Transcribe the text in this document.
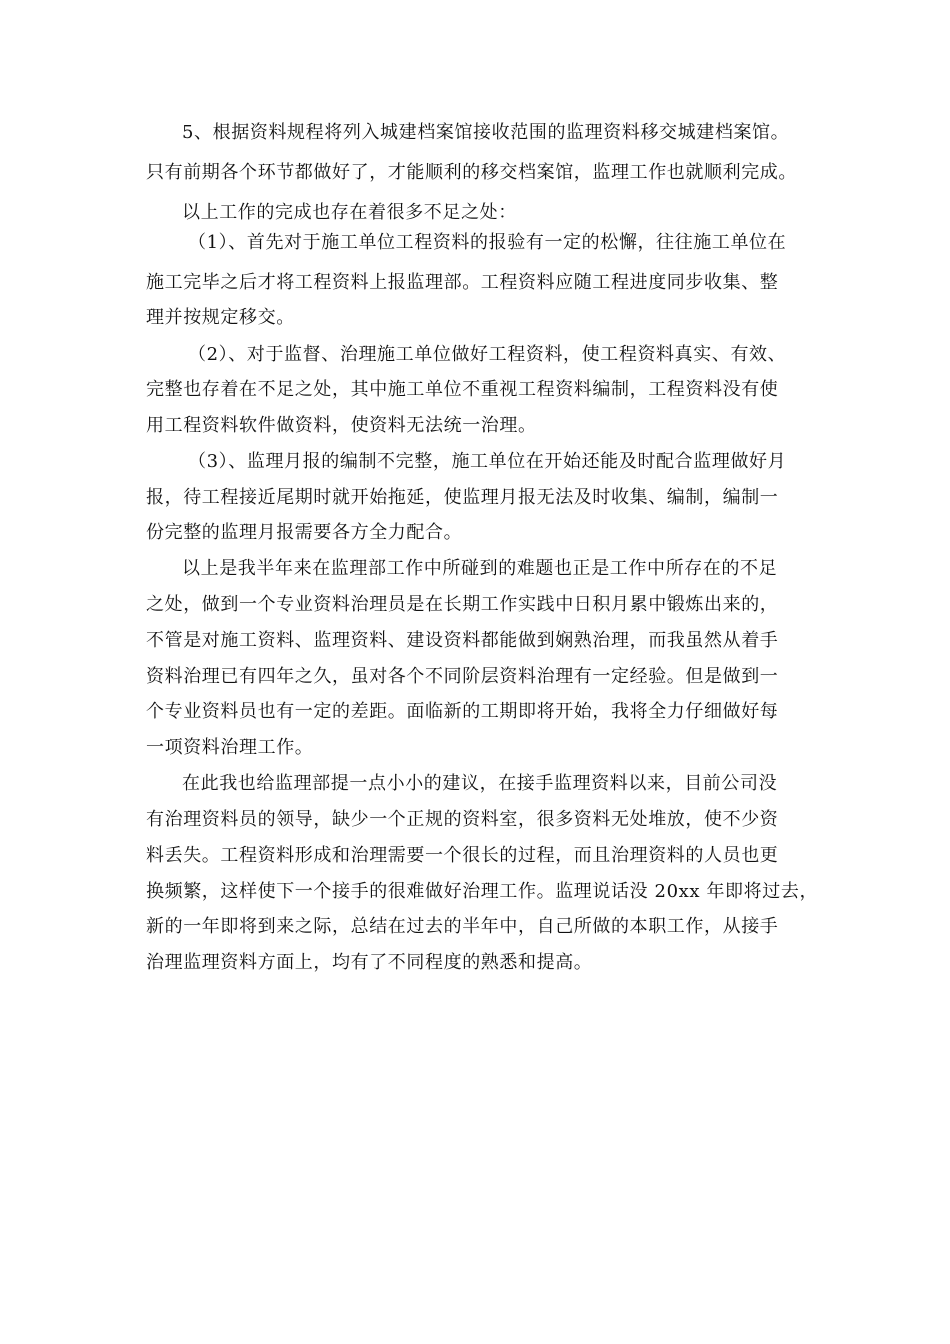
5、根据资料规程将列入城建档案馆接收范围的监理资料移交城建档案馆。
只有前期各个环节都做好了，才能顺利的移交档案馆，监理工作也就顺利完成。
以上工作的完成也存在着很多不足之处：
（1）、首先对于施工单位工程资料的报验有一定的松懈，往往施工单位在
施工完毕之后才将工程资料上报监理部。工程资料应随工程进度同步收集、整
理并按规定移交。
（2）、对于监督、治理施工单位做好工程资料，使工程资料真实、有效、
完整也存着在不足之处，其中施工单位不重视工程资料编制，工程资料没有使
用工程资料软件做资料，使资料无法统一治理。
（3）、监理月报的编制不完整，施工单位在开始还能及时配合监理做好月
报，待工程接近尾期时就开始拖延，使监理月报无法及时收集、编制，编制一
份完整的监理月报需要各方全力配合。
以上是我半年来在监理部工作中所碰到的难题也正是工作中所存在的不足
之处，做到一个专业资料治理员是在长期工作实践中日积月累中锻炼出来的，
不管是对施工资料、监理资料、建设资料都能做到娴熟治理，而我虽然从着手
资料治理已有四年之久，虽对各个不同阶层资料治理有一定经验。但是做到一
个专业资料员也有一定的差距。面临新的工期即将开始，我将全力仔细做好每
一项资料治理工作。
在此我也给监理部提一点小小的建议，在接手监理资料以来，目前公司没
有治理资料员的领导，缺少一个正规的资料室，很多资料无处堆放，使不少资
料丢失。工程资料形成和治理需要一个很长的过程，而且治理资料的人员也更
换频繁，这样使下一个接手的很难做好治理工作。监理说话没 20xx 年即将过去，
新的一年即将到来之际，总结在过去的半年中，自己所做的本职工作，从接手
治理监理资料方面上，均有了不同程度的熟悉和提高。
